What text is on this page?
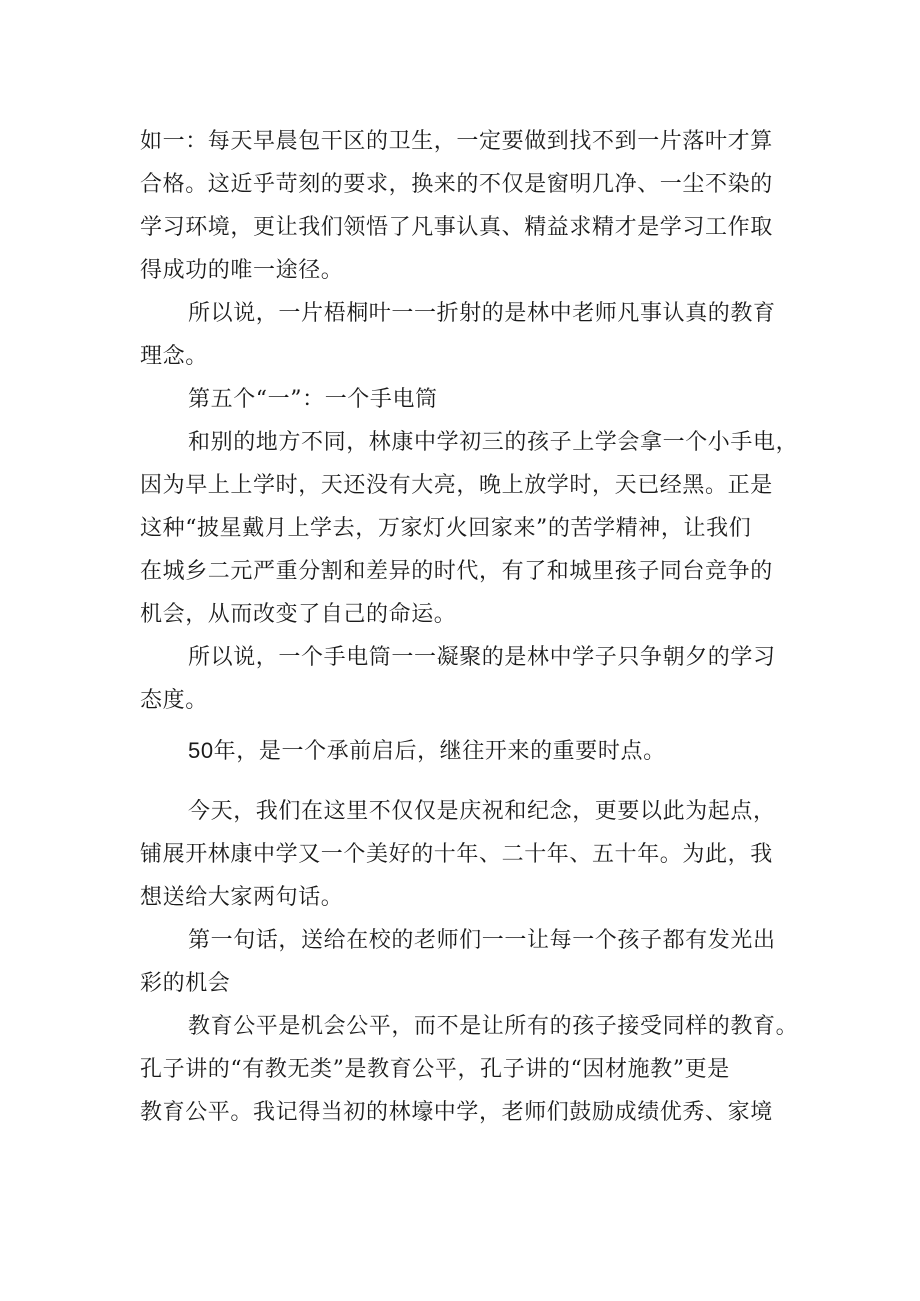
如一：每天早晨包干区的卫生，一定要做到找不到一片落叶才算
合格。这近乎苛刻的要求，换来的不仅是窗明几净、一尘不染的
学习环境，更让我们领悟了凡事认真、精益求精才是学习工作取
得成功的唯一途径。
所以说，一片梧桐叶一一折射的是林中老师凡事认真的教育
理念。
第五个“一”：一个手电筒
和别的地方不同，林康中学初三的孩子上学会拿一个小手电，
因为早上上学时，天还没有大亮，晚上放学时，天已经黑。正是
这种“披星戴月上学去，万家灯火回家来”的苦学精神，让我们
在城乡二元严重分割和差异的时代，有了和城里孩子同台竞争的
机会，从而改变了自己的命运。
所以说，一个手电筒一一凝聚的是林中学子只争朝夕的学习
态度。
50年，是一个承前启后，继往开来的重要时点。
今天，我们在这里不仅仅是庆祝和纪念，更要以此为起点，
铺展开林康中学又一个美好的十年、二十年、五十年。为此，我
想送给大家两句话。
第一句话，送给在校的老师们一一让每一个孩子都有发光出
彩的机会
教育公平是机会公平，而不是让所有的孩子接受同样的教育。
孔子讲的“有教无类”是教育公平，孔子讲的“因材施教”更是
教育公平。我记得当初的林壕中学，老师们鼓励成绩优秀、家境
